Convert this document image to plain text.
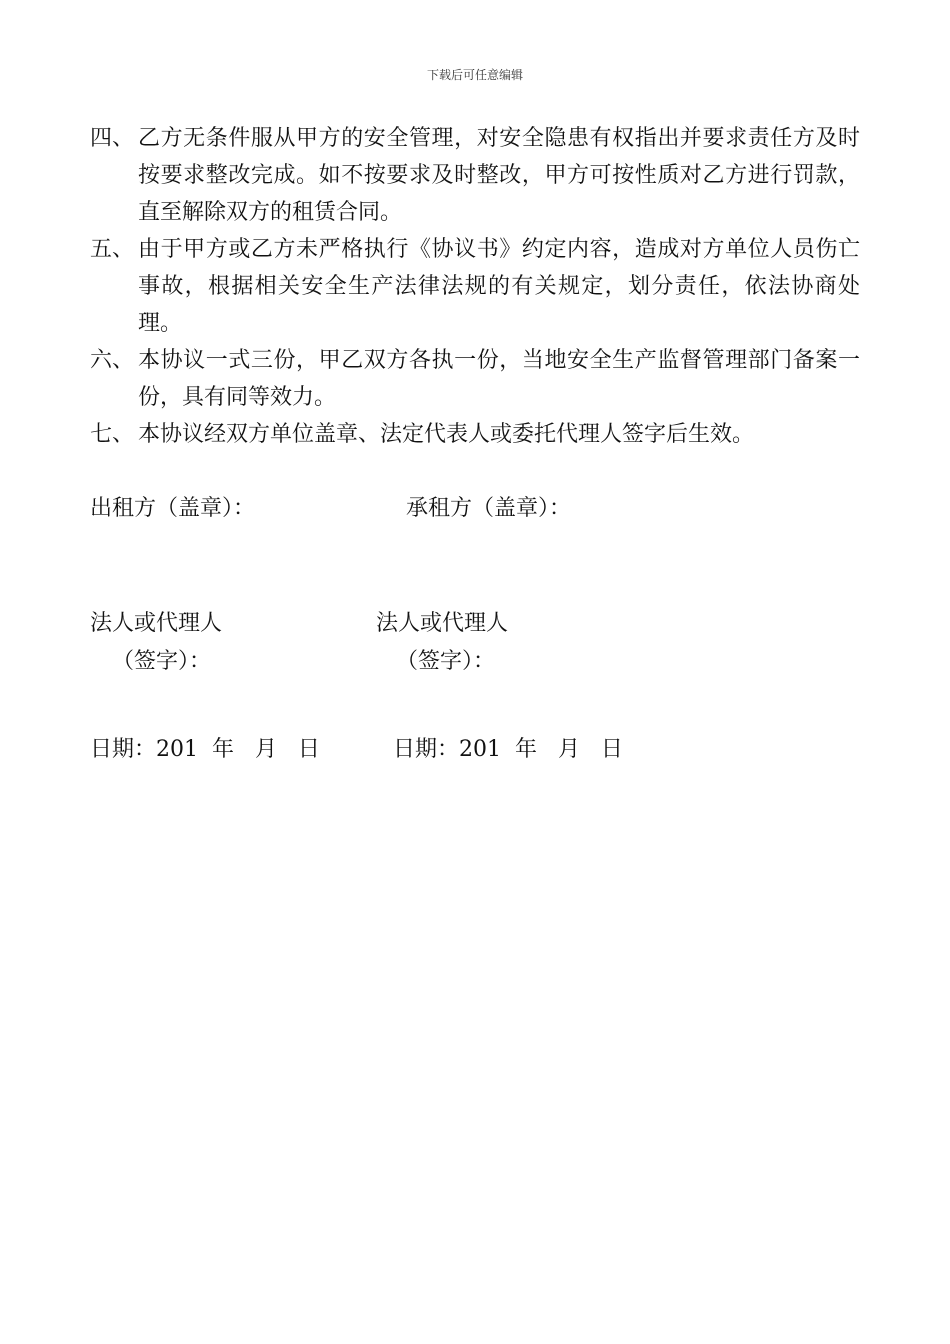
下载后可任意编辑
四、 乙方无条件服从甲方的安全管理，对安全隐患有权指出并要求责任方及时按要求整改完成。如不按要求及时整改，甲方可按性质对乙方进行罚款，直至解除双方的租赁合同。
五、 由于甲方或乙方未严格执行《协议书》约定内容，造成对方单位人员伤亡事故，根据相关安全生产法律法规的有关规定，划分责任，依法协商处理。
六、 本协议一式三份，甲乙双方各执一份，当地安全生产监督管理部门备案一份，具有同等效力。
七、 本协议经双方单位盖章、法定代表人或委托代理人签字后生效。
出租方（盖章）：	承租方（盖章）：
法人或代理人	法人或代理人
（签字）：	（签字）：
日期：201  年   月   日	日期：201  年   月   日
